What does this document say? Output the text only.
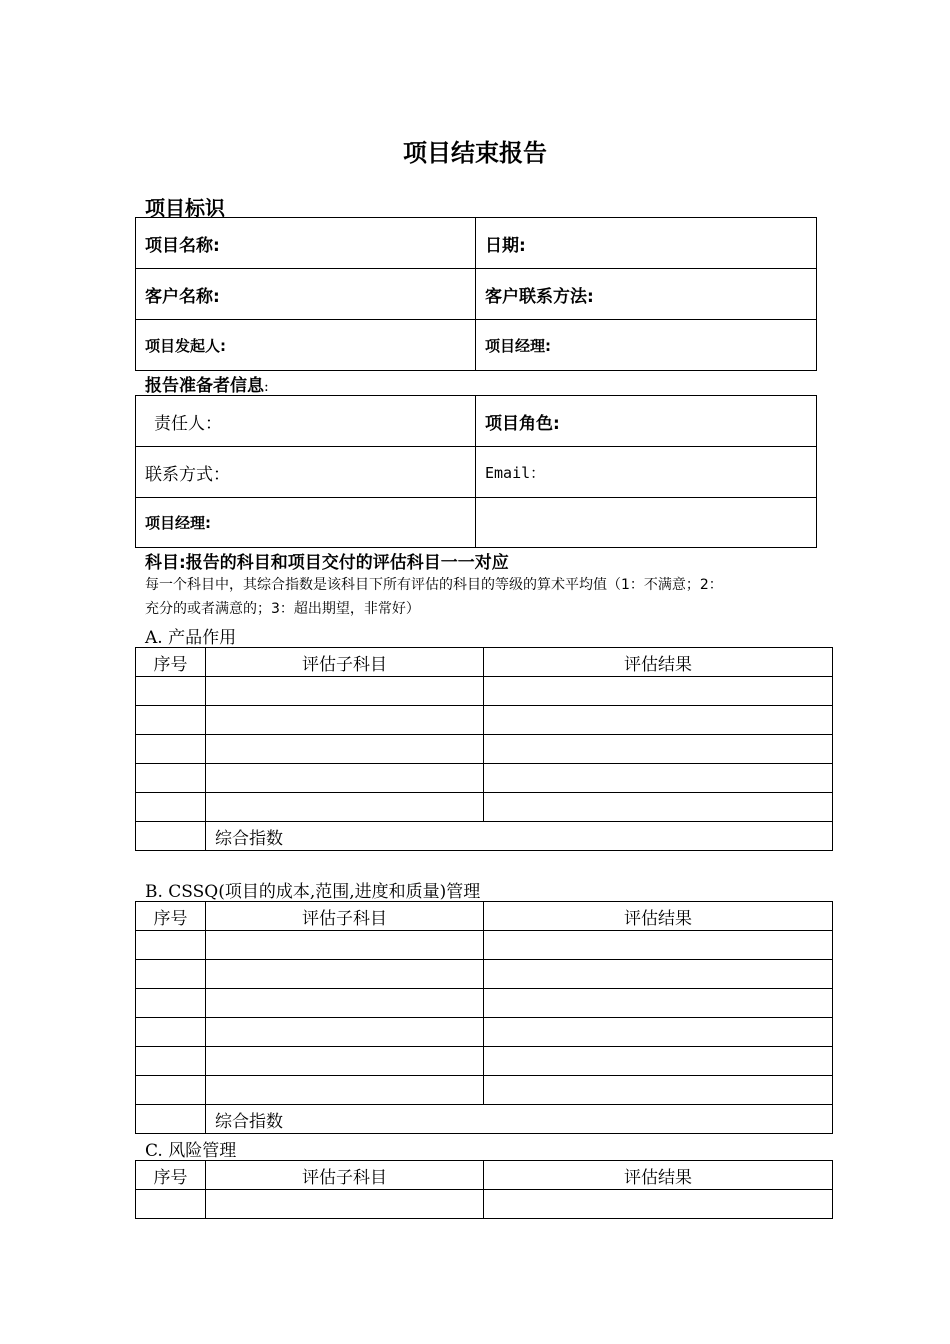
项目结束报告
项目标识
项目名称:	日期:
客户名称:	客户联系方法:
项目发起人:	项目经理:
报告准备者信息:
责任人：	项目角色:
联系方式：	Email：
项目经理:	
科目:报告的科目和项目交付的评估科目一一对应
每一个科目中，其综合指数是该科目下所有评估的科目的等级的算术平均值（1：不满意；2：
充分的或者满意的；3：超出期望，非常好）
A. 产品作用
序号	评估子科目	评估结果

	综合指数	
B. CSSQ(项目的成本,范围,进度和质量)管理
序号	评估子科目	评估结果

	综合指数	
C. 风险管理
序号	评估子科目	评估结果
